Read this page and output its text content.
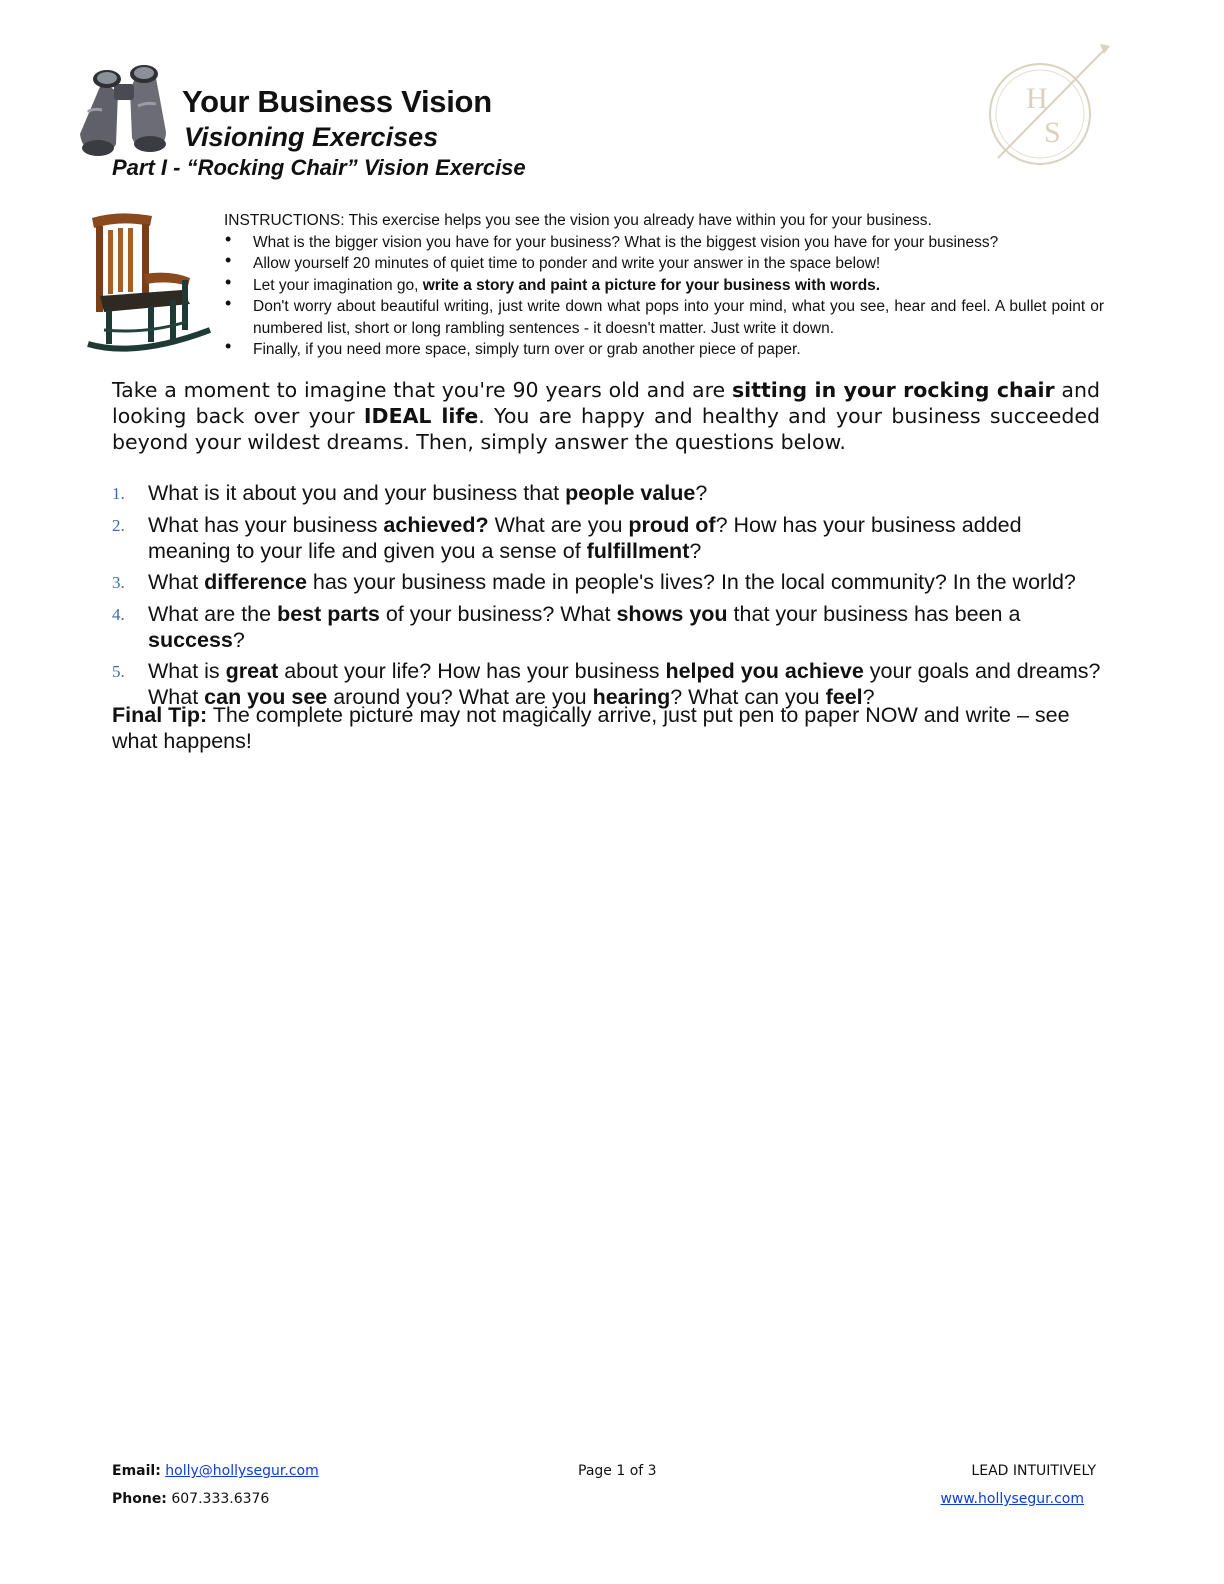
H
S
Your Business Vision
Visioning Exercises
Part I - “Rocking Chair” Vision Exercise

INSTRUCTIONS: This exercise helps you see the vision you already have within you for your business.

• What is the bigger vision you have for your business? What is the biggest vision you have for your business?
• Allow yourself 20 minutes of quiet time to ponder and write your answer in the space below!
• Let your imagination go, write a story and paint a picture for your business with words.
• Don't worry about beautiful writing, just write down what pops into your mind, what you see, hear and feel. A bullet point or numbered list, short or long rambling sentences - it doesn't matter. Just write it down.
• Finally, if you need more space, simply turn over or grab another piece of paper.

Take a moment to imagine that you're 90 years old and are sitting in your rocking chair and looking back over your IDEAL life. You are happy and healthy and your business succeeded beyond your wildest dreams. Then, simply answer the questions below.

1. What is it about you and your business that people value?
2. What has your business achieved? What are you proud of? How has your business added meaning to your life and given you a sense of fulfillment?
3. What difference has your business made in people's lives? In the local community? In the world?
4. What are the best parts of your business? What shows you that your business has been a success?
5. What is great about your life? How has your business helped you achieve your goals and dreams? What can you see around you? What are you hearing? What can you feel?

Final Tip: The complete picture may not magically arrive, just put pen to paper NOW and write – see what happens!

Email: holly@hollysegur.com
Phone: 607.333.6376
Page 1 of 3	LEAD INTUITIVELY
www.hollysegur.com
